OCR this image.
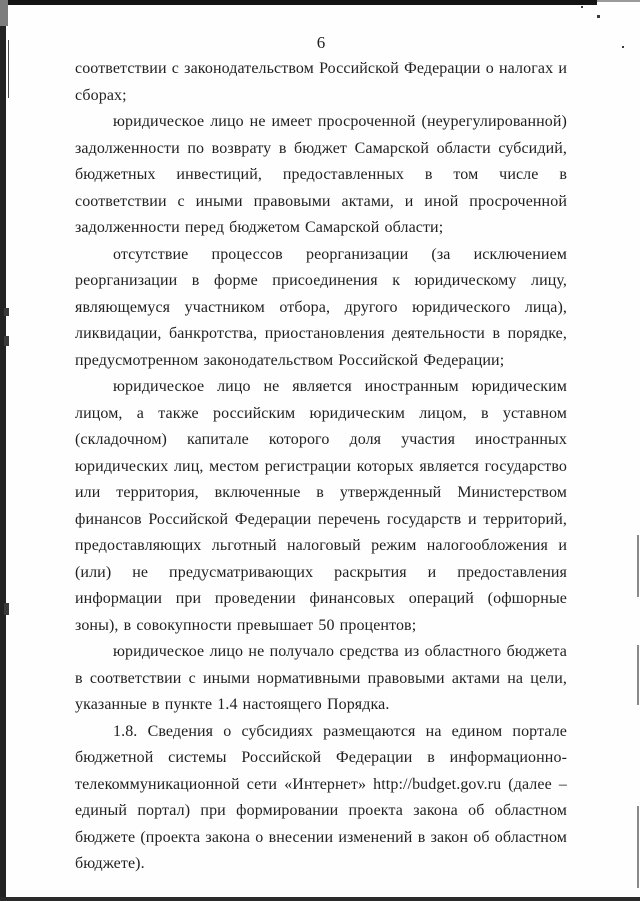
6

соответствии с законодательством Российской Федерации о налогах и сборах;

юридическое лицо не имеет просроченной (неурегулированной) задолженности по возврату в бюджет Самарской области субсидий, бюджетных инвестиций, предоставленных в том числе в соответствии с иными правовыми актами, и иной просроченной задолженности перед бюджетом Самарской области;

отсутствие процессов реорганизации (за исключением реорганизации в форме присоединения к юридическому лицу, являющемуся участником отбора, другого юридического лица), ликвидации, банкротства, приостановления деятельности в порядке, предусмотренном законодательством Российской Федерации;

юридическое лицо не является иностранным юридическим лицом, а также российским юридическим лицом, в уставном (складочном) капитале которого доля участия иностранных юридических лиц, местом регистрации которых является государство или территория, включенные в утвержденный Министерством финансов Российской Федерации перечень государств и территорий, предоставляющих льготный налоговый режим налогообложения и (или) не предусматривающих раскрытия и предоставления информации при проведении финансовых операций (офшорные зоны), в совокупности превышает 50 процентов;

юридическое лицо не получало средства из областного бюджета в соответствии с иными нормативными правовыми актами на цели, указанные в пункте 1.4 настоящего Порядка.

1.8. Сведения о субсидиях размещаются на едином портале бюджетной системы Российской Федерации в информационно-телекоммуникационной сети «Интернет» http://budget.gov.ru (далее – единый портал) при формировании проекта закона об областном бюджете (проекта закона о внесении изменений в закон об областном бюджете).
